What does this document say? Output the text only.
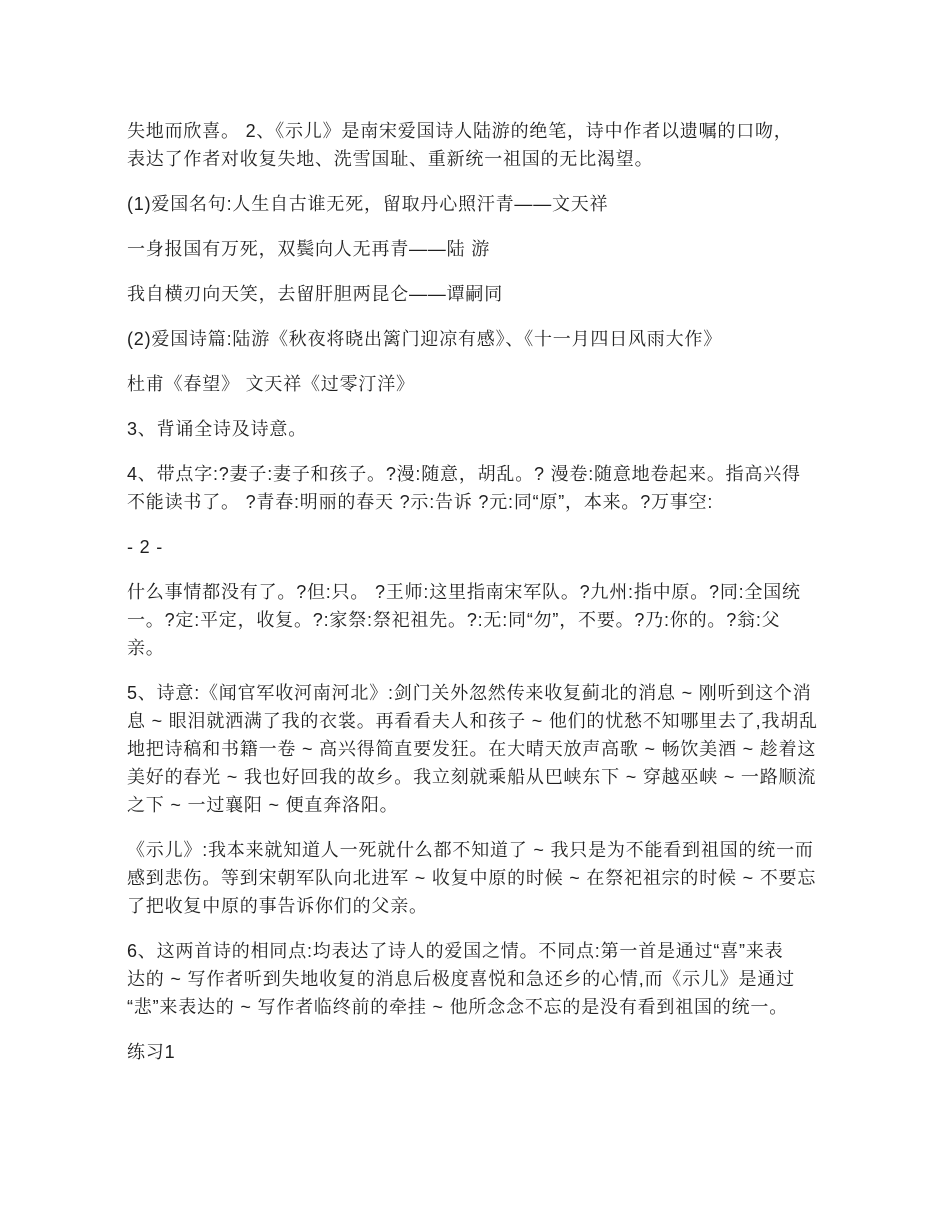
失地而欣喜。 2、《示儿》是南宋爱国诗人陆游的绝笔，诗中作者以遗嘱的口吻，
表达了作者对收复失地、洗雪国耻、重新统一祖国的无比渴望。
(1)爱国名句:人生自古谁无死，留取丹心照汗青——文天祥
一身报国有万死，双鬓向人无再青——陆 游
我自横刃向天笑，去留肝胆两昆仑——谭嗣同
(2)爱国诗篇:陆游《秋夜将晓出篱门迎凉有感》、《十一月四日风雨大作》
杜甫《春望》 文天祥《过零汀洋》
3、背诵全诗及诗意。
4、带点字:?妻子:妻子和孩子。?漫:随意，胡乱。? 漫卷:随意地卷起来。指高兴得
不能读书了。 ?青春:明丽的春天 ?示:告诉 ?元:同“原”，本来。?万事空:
- 2 -
什么事情都没有了。?但:只。 ?王师:这里指南宋军队。?九州:指中原。?同:全国统
一。?定:平定，收复。?:家祭:祭祀祖先。?:无:同“勿”，不要。?乃:你的。?翁:父
亲。
5、诗意:《闻官军收河南河北》:剑门关外忽然传来收复蓟北的消息 ~ 刚听到这个消
息 ~ 眼泪就洒满了我的衣裳。再看看夫人和孩子 ~ 他们的忧愁不知哪里去了,我胡乱
地把诗稿和书籍一卷 ~ 高兴得简直要发狂。在大晴天放声高歌 ~ 畅饮美酒 ~ 趁着这
美好的春光 ~ 我也好回我的故乡。我立刻就乘船从巴峡东下 ~ 穿越巫峡 ~ 一路顺流
之下 ~ 一过襄阳 ~ 便直奔洛阳。
《示儿》:我本来就知道人一死就什么都不知道了 ~ 我只是为不能看到祖国的统一而
感到悲伤。等到宋朝军队向北进军 ~ 收复中原的时候 ~ 在祭祀祖宗的时候 ~ 不要忘
了把收复中原的事告诉你们的父亲。
6、这两首诗的相同点:均表达了诗人的爱国之情。不同点:第一首是通过“喜”来表
达的 ~ 写作者听到失地收复的消息后极度喜悦和急还乡的心情,而《示儿》是通过
“悲”来表达的 ~ 写作者临终前的牵挂 ~ 他所念念不忘的是没有看到祖国的统一。
练习1
